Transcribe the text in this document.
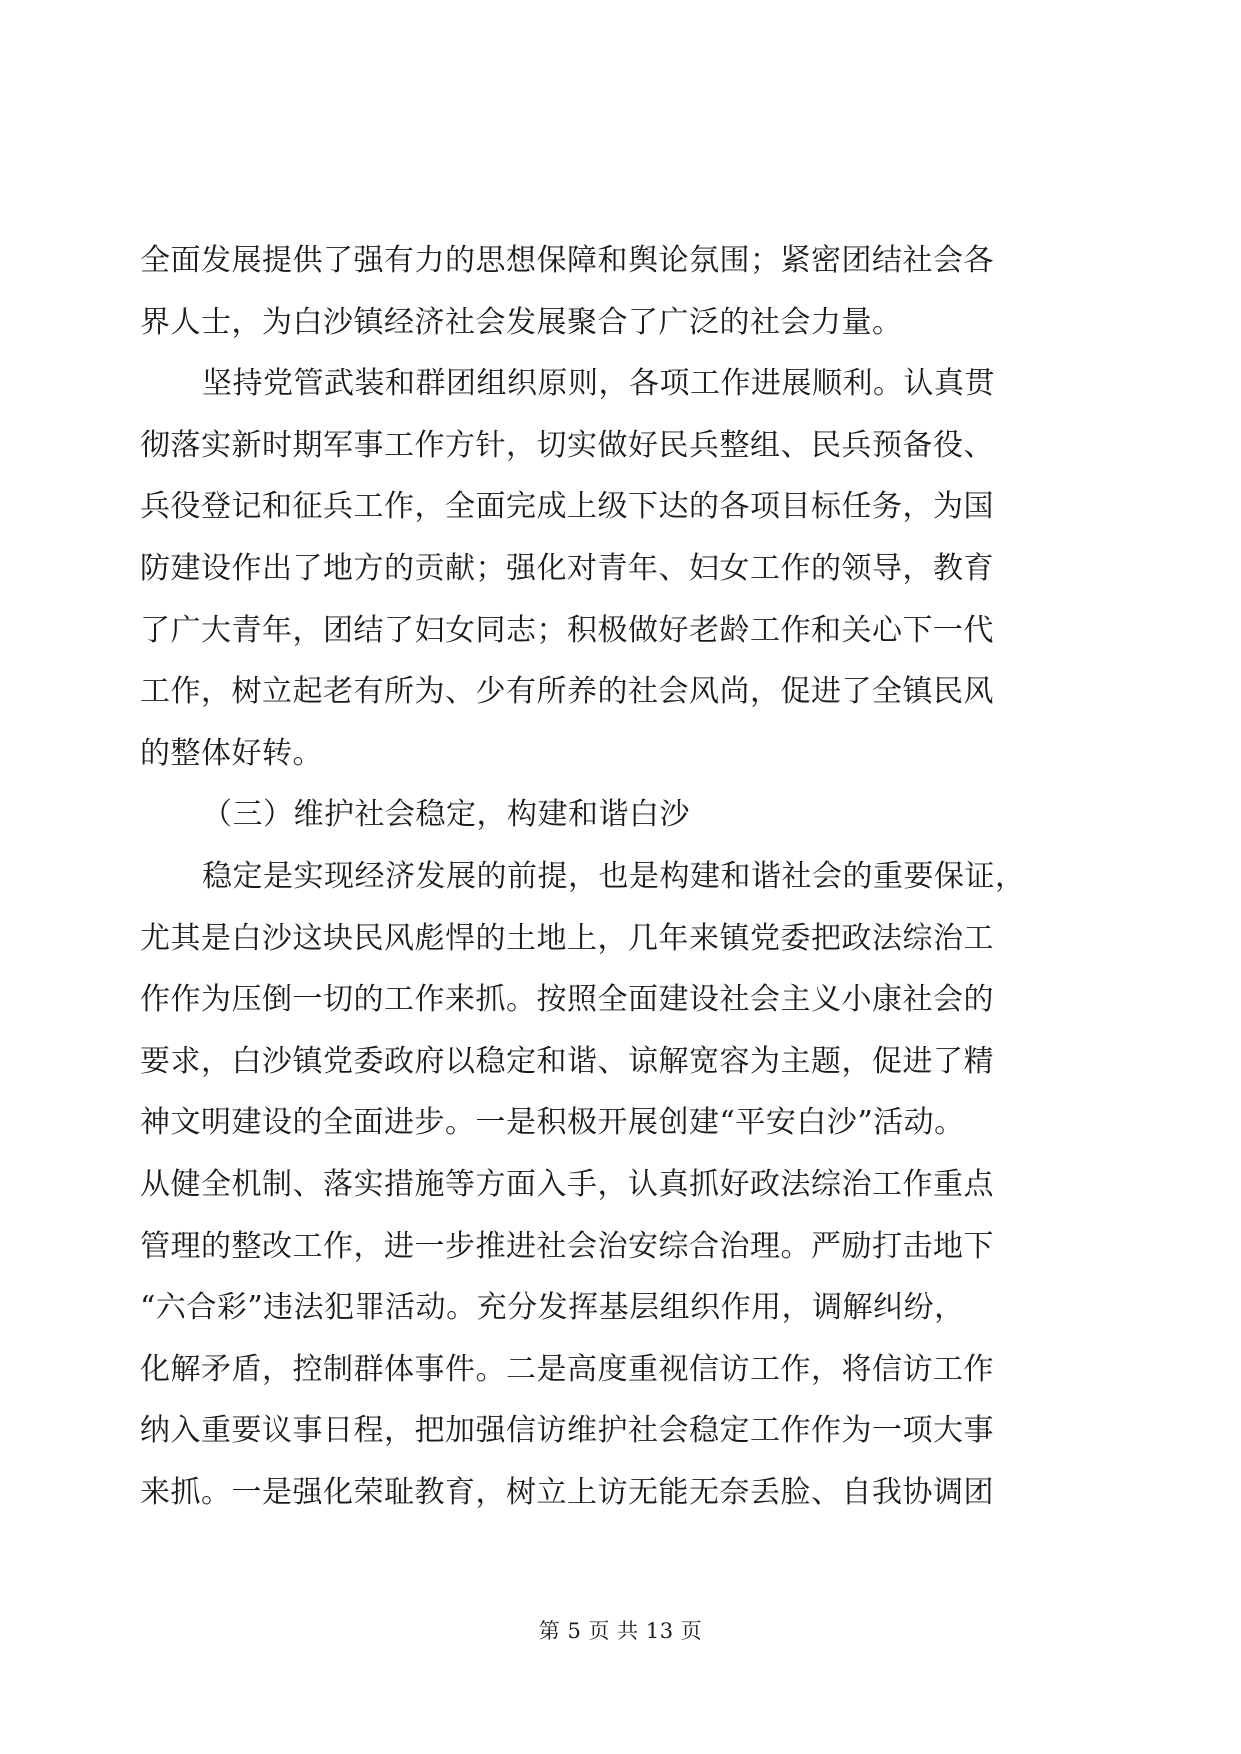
全面发展提供了强有力的思想保障和舆论氛围；紧密团结社会各
界人士，为白沙镇经济社会发展聚合了广泛的社会力量。
坚持党管武装和群团组织原则，各项工作进展顺利。认真贯
彻落实新时期军事工作方针，切实做好民兵整组、民兵预备役、
兵役登记和征兵工作，全面完成上级下达的各项目标任务，为国
防建设作出了地方的贡献；强化对青年、妇女工作的领导，教育
了广大青年，团结了妇女同志；积极做好老龄工作和关心下一代
工作，树立起老有所为、少有所养的社会风尚，促进了全镇民风
的整体好转。
（三）维护社会稳定，构建和谐白沙
稳定是实现经济发展的前提，也是构建和谐社会的重要保证，
尤其是白沙这块民风彪悍的土地上，几年来镇党委把政法综治工
作作为压倒一切的工作来抓。按照全面建设社会主义小康社会的
要求，白沙镇党委政府以稳定和谐、谅解宽容为主题，促进了精
神文明建设的全面进步。一是积极开展创建“平安白沙”活动。
从健全机制、落实措施等方面入手，认真抓好政法综治工作重点
管理的整改工作，进一步推进社会治安综合治理。严励打击地下
“六合彩”违法犯罪活动。充分发挥基层组织作用，调解纠纷，
化解矛盾，控制群体事件。二是高度重视信访工作，将信访工作
纳入重要议事日程，把加强信访维护社会稳定工作作为一项大事
来抓。一是强化荣耻教育，树立上访无能无奈丢脸、自我协调团
第 5 页 共 13 页
